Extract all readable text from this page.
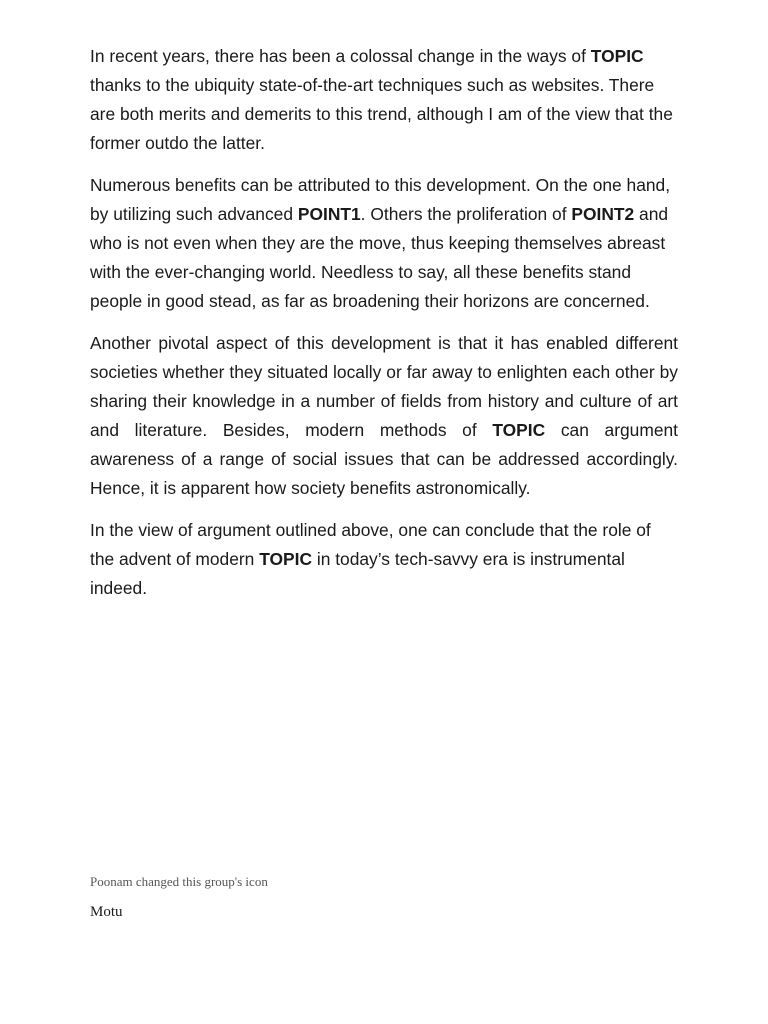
In recent years, there has been a colossal change in the ways of TOPIC thanks to the ubiquity state-of-the-art techniques such as websites. There are both merits and demerits to this trend, although I am of the view that the former outdo the latter.

Numerous benefits can be attributed to this development. On the one hand, by utilizing such advanced POINT1. Others the proliferation of POINT2 and who is not even when they are the move, thus keeping themselves abreast with the ever-changing world. Needless to say, all these benefits stand people in good stead, as far as broadening their horizons are concerned.

Another pivotal aspect of this development is that it has enabled different societies whether they situated locally or far away to enlighten each other by sharing their knowledge in a number of fields from history and culture of art and literature. Besides, modern methods of TOPIC can argument awareness of a range of social issues that can be addressed accordingly. Hence, it is apparent how society benefits astronomically.

In the view of argument outlined above, one can conclude that the role of the advent of modern TOPIC in today’s tech-savvy era is instrumental indeed.

Poonam changed this group's icon
Motu
